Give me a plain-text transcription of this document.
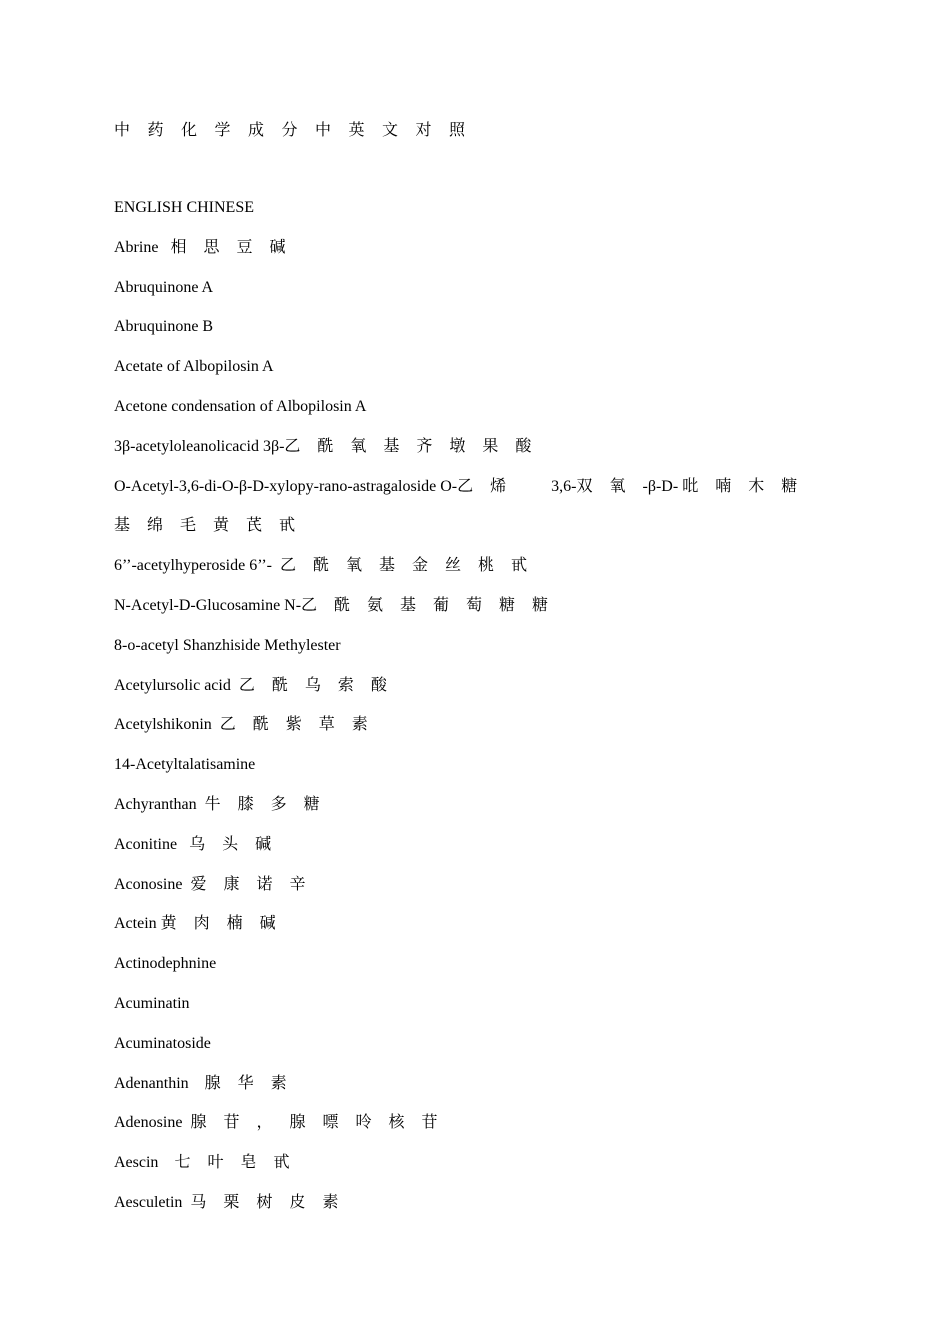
中药化学成分中英文对照
ENGLISH CHINESE
Abrine 相思豆碱
Abruquinone A
Abruquinone B
Acetate of Albopilosin A
Acetone condensation of Albopilosin A
3β-acetyloleanolicacid 3β-乙酰氧基齐墩果酸
O-Acetyl-3,6-di-O-β-D-xylopy-rano-astragaloside O-乙烯 3,6-双氧-β-D- 吡喃木糖基绵毛黄芪甙
6’’-acetylhyperoside 6’’- 乙酰氧基金丝桃甙
N-Acetyl-D-Glucosamine N-乙酰氨基葡萄糖糖
8-o-acetyl Shanzhiside Methylester
Acetylursolic acid 乙酰乌索酸
Acetylshikonin 乙酰紫草素
14-Acetyltalatisamine
Achyranthan 牛膝多糖
Aconitine 乌头碱
Aconosine 爱康诺辛
Actein 黄肉楠碱
Actinodephnine
Acuminatin
Acuminatoside
Adenanthin 腺华素
Adenosine 腺苷，腺嘌呤核苷
Aescin 七叶皂甙
Aesculetin 马栗树皮素
